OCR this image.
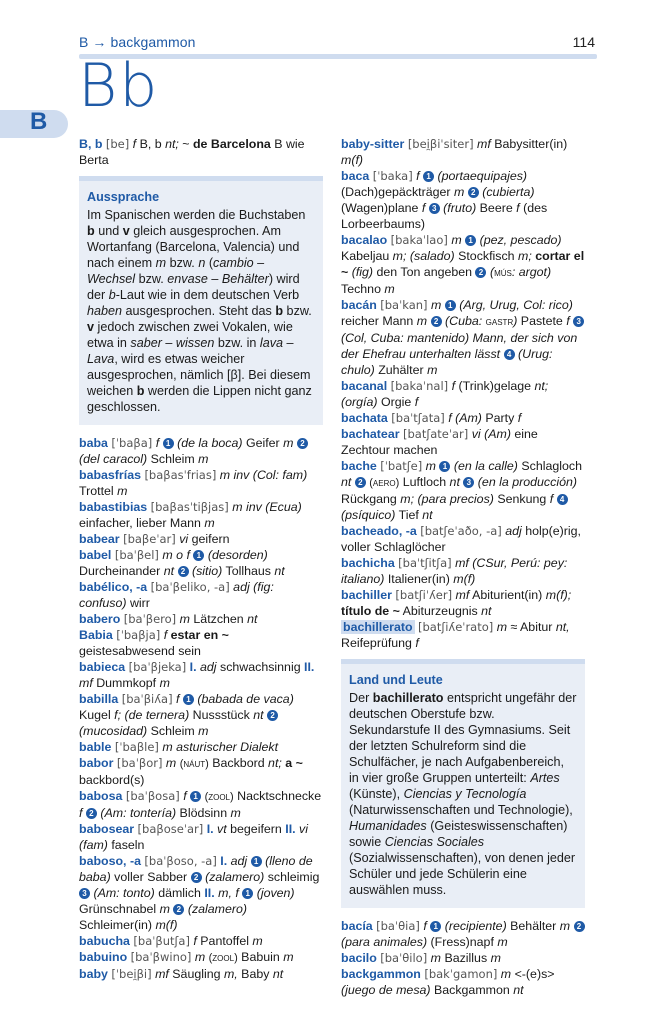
B → backgammon	114
Bb
B
B, b [be] f B, b nt; ~ de Barcelona B wie Berta
Aussprache

Im Spanischen werden die Buchstaben b und v gleich ausgesprochen. Am Wortanfang (Barcelona, Valencia) und nach einem m bzw. n (cambio – Wechsel bzw. envase – Behälter) wird der b-Laut wie in dem deutschen Verb haben ausgesprochen. Steht das b bzw. v jedoch zwischen zwei Vokalen, wie etwa in saber – wissen bzw. in lava – Lava, wird es etwas weicher ausgesprochen, nämlich [β]. Bei diesem weichen b werden die Lippen nicht ganz geschlossen.

baba [ˈbaβa] f 1 (de la boca) Geifer m 2 (del caracol) Schleim m
babasfrías [baβasˈfrias] m inv (Col: fam) Trottel m
babastibias [baβasˈtiβjas] m inv (Ecua) einfacher, lieber Mann m
babear [baβeˈar] vi geifern
babel [baˈβel] m o f 1 (desorden) Durcheinander nt 2 (sitio) Tollhaus nt
babélico, -a [baˈβeliko, -a] adj (fig: confuso) wirr
babero [baˈβero] m Lätzchen nt
Babia [ˈbaβja] f estar en ~ geistesabwesend sein
babieca [baˈβjeka] I. adj schwachsinnig II. mf Dummkopf m
babilla [baˈβiʎa] f 1 (babada de vaca) Kugel f; (de ternera) Nussstück nt 2 (mucosidad) Schleim m
bable [ˈbaβle] m asturischer Dialekt
babor [baˈβor] m (náut) Backbord nt; a ~ backbord(s)
babosa [baˈβosa] f 1 (zool) Nacktschnecke f 2 (Am: tontería) Blödsinn m
babosear [baβoseˈar] I. vt begeifern II. vi (fam) faseln
baboso, -a [baˈβoso, -a] I. adj 1 (lleno de baba) voller Sabber 2 (zalamero) schleimig 3 (Am: tonto) dämlich II. m, f 1 (joven) Grünschnabel m 2 (zalamero) Schleimer(in) m(f)
babucha [baˈβutʃa] f Pantoffel m
babuino [baˈβwino] m (zool) Babuin m
baby [ˈbei̯βi] mf Säugling m, Baby nt
baby-sitter [bei̯βiˈsiter] mf Babysitter(in) m(f)
baca [ˈbaka] f 1 (portaequipajes) (Dach)gepäckträger m 2 (cubierta) (Wagen)plane f 3 (fruto) Beere f (des Lorbeerbaums)
bacalao [bakaˈlao] m 1 (pez, pescado) Kabeljau m; (salado) Stockfisch m; cortar el ~ (fig) den Ton angeben 2 (mús: argot) Techno m
bacán [baˈkan] m 1 (Arg, Urug, Col: rico) reicher Mann m 2 (Cuba: gastr) Pastete f 3 (Col, Cuba: mantenido) Mann, der sich von der Ehefrau unterhalten lässt 4 (Urug: chulo) Zuhälter m
bacanal [bakaˈnal] f (Trink)gelage nt; (orgía) Orgie f
bachata [baˈtʃata] f (Am) Party f
bachatear [batʃateˈar] vi (Am) eine Zechtour machen
bache [ˈbatʃe] m 1 (en la calle) Schlagloch nt 2 (aero) Luftloch nt 3 (en la producción) Rückgang m; (para precios) Senkung f 4 (psíquico) Tief nt
bacheado, -a [batʃeˈaðo, -a] adj holp(e)rig, voller Schlaglöcher
bachicha [baˈtʃitʃa] mf (CSur, Perú: pey: italiano) Italiener(in) m(f)
bachiller [batʃiˈʎer] mf Abiturient(in) m(f); título de ~ Abiturzeugnis nt
bachillerato [batʃiʎeˈrato] m ≈ Abitur nt, Reifeprüfung f
Land und Leute

Der bachillerato entspricht ungefähr der deutschen Oberstufe bzw. Sekundarstufe II des Gymnasiums. Seit der letzten Schulreform sind die Schulfächer, je nach Aufgabenbereich, in vier große Gruppen unterteilt: Artes (Künste), Ciencias y Tecnología (Naturwissenschaften und Technologie), Humanidades (Geisteswissenschaften) sowie Ciencias Sociales (Sozialwissenschaften), von denen jeder Schüler und jede Schülerin eine auswählen muss.

bacía [baˈθia] f 1 (recipiente) Behälter m 2 (para animales) (Fress)napf m
bacilo [baˈθilo] m Bazillus m
backgammon [bakˈgamon] m <-(e)s> (juego de mesa) Backgammon nt
